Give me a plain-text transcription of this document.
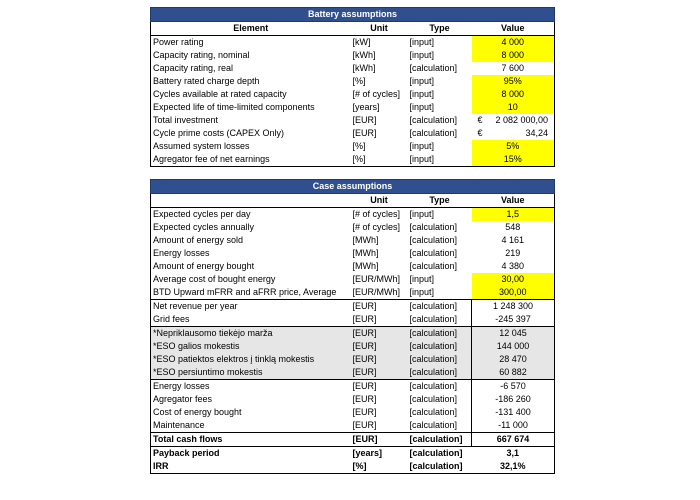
Battery assumptions			
Element	Unit	Type	Value
Power rating	[kW]	[input]	4 000
Capacity rating, nominal	[kWh]	[input]	8 000
Capacity rating, real	[kWh]	[calculation]	7 600
Battery rated charge depth	[%]	[input]	95%
Cycles available at rated capacity	[# of cycles]	[input]	8 000
Expected life of time-limited components	[years]	[input]	10
Total investment	[EUR]	[calculation]	€ 2 082 000,00

Cycle prime costs (CAPEX Only)	[EUR]	[calculation]	€ 34,24

Assumed system losses	[%]	[input]	5%
Agregator fee of net earnings	[%]	[input]	15%
Case assumptions			
	Unit	Type	Value
Expected cycles per day	[# of cycles]	[input]	1,5
Expected cycles annually	[# of cycles]	[calculation]	548
Amount of energy sold	[MWh]	[calculation]	4 161
Energy losses	[MWh]	[calculation]	219
Amount of energy bought	[MWh]	[calculation]	4 380
Average cost of bought energy	[EUR/MWh]	[input]	30,00
BTD Upward mFRR and aFRR price, Average	[EUR/MWh]	[input]	300,00
Net revenue per year	[EUR]	[calculation]	1 248 300
Grid fees	[EUR]	[calculation]	-245 397
*Nepriklausomo tiekėjo marža	[EUR]	[calculation]	12 045
*ESO galios mokestis	[EUR]	[calculation]	144 000
*ESO patiektos elektros į tinklą mokestis	[EUR]	[calculation]	28 470
*ESO persiuntimo mokestis	[EUR]	[calculation]	60 882
Energy losses	[EUR]	[calculation]	-6 570
Agregator fees	[EUR]	[calculation]	-186 260
Cost of energy bought	[EUR]	[calculation]	-131 400
Maintenance	[EUR]	[calculation]	-11 000
Total cash flows	[EUR]	[calculation]	667 674
Payback period	[years]	[calculation]	3,1
IRR	[%]	[calculation]	32,1%
